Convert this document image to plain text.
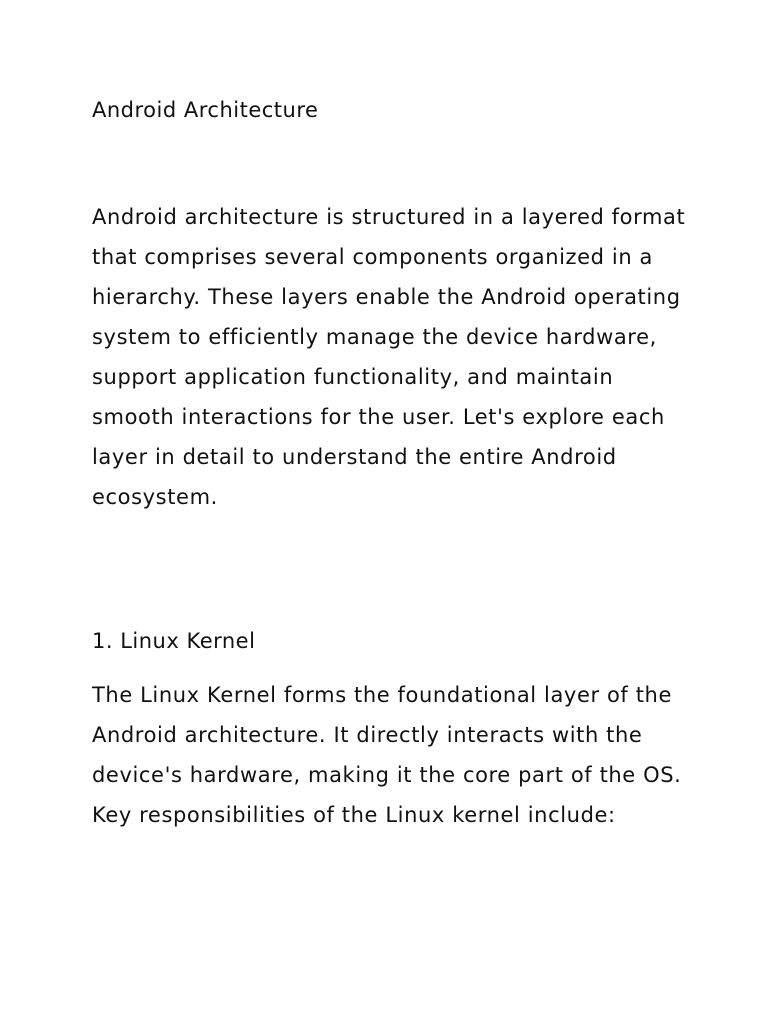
Android Architecture

Android architecture is structured in a layered format that comprises several components organized in a hierarchy. These layers enable the Android operating system to efficiently manage the device hardware, support application functionality, and maintain smooth interactions for the user. Let's explore each layer in detail to understand the entire Android ecosystem.

1. Linux Kernel

The Linux Kernel forms the foundational layer of the Android architecture. It directly interacts with the device's hardware, making it the core part of the OS. Key responsibilities of the Linux kernel include:
